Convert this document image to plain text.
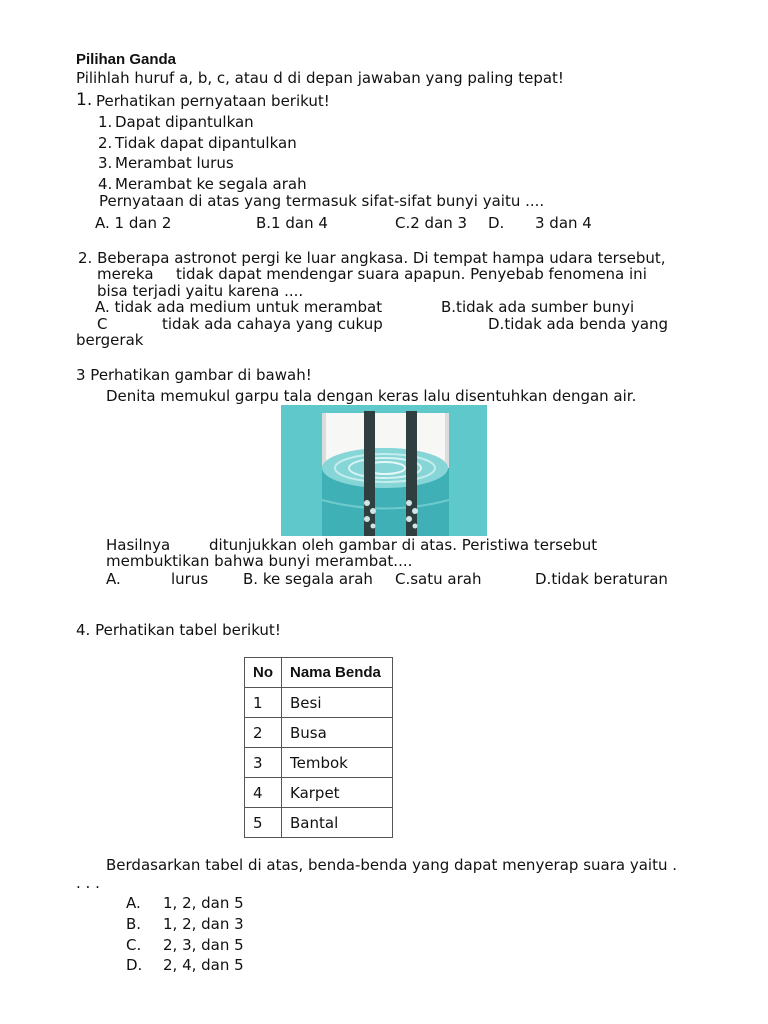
Pilihan Ganda
Pilihlah huruf a, b, c, atau d di depan jawaban yang paling tepat!
1. Perhatikan pernyataan berikut!
1. Dapat dipantulkan
2. Tidak dapat dipantulkan
3. Merambat lurus
4. Merambat ke segala arah
Pernyataan di atas yang termasuk sifat-sifat bunyi yaitu ....
A. 1 dan 2	B.1 dan 4	C.2 dan 3 D. 3 dan 4
2. Beberapa astronot pergi ke luar angkasa. Di tempat hampa udara tersebut,
mereka tidak dapat mendengar suara apapun. Penyebab fenomena ini
bisa terjadi yaitu karena ....
A. tidak ada medium untuk merambat	B.tidak ada sumber bunyi
C	tidak ada cahaya yang cukup	D.tidak ada benda yang
bergerak
3 Perhatikan gambar di bawah!
Denita memukul garpu tala dengan keras lalu disentuhkan dengan air.
Hasilnya	ditunjukkan oleh gambar di atas. Peristiwa tersebut
membuktikan bahwa bunyi merambat....
A.	lurus B. ke segala arah C.satu arah	D.tidak beraturan
4. Perhatikan tabel berikut!
No	Nama Benda
1	Besi
2	Busa
3	Tembok
4	Karpet
5	Bantal
Berdasarkan tabel di atas, benda-benda yang dapat menyerap suara yaitu .
. . .
A. 1, 2, dan 5
B. 1, 2, dan 3
C. 2, 3, dan 5
D. 2, 4, dan 5
